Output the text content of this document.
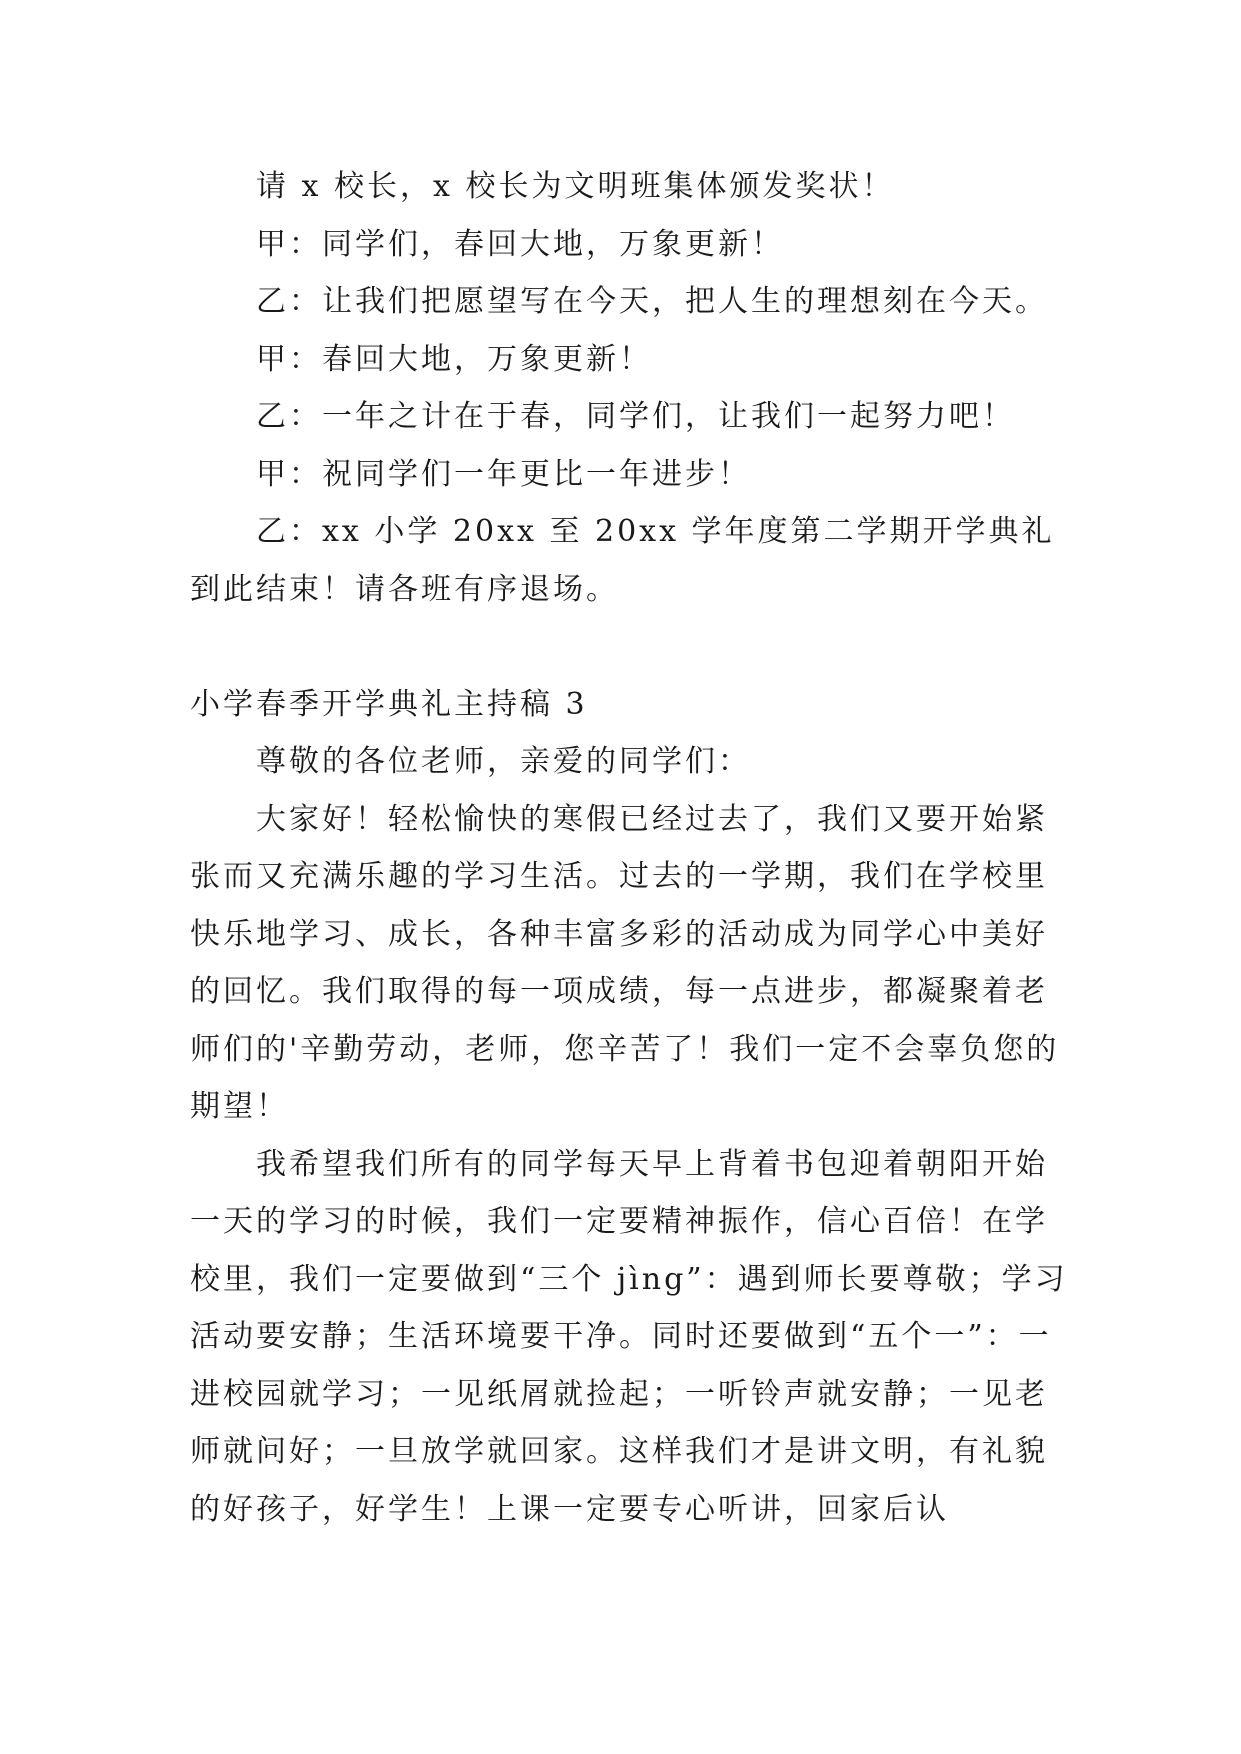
请 x 校长，x 校长为文明班集体颁发奖状！

甲：同学们，春回大地，万象更新！

乙：让我们把愿望写在今天，把人生的理想刻在今天。

甲：春回大地，万象更新！

乙：一年之计在于春，同学们，让我们一起努力吧！

甲：祝同学们一年更比一年进步！

乙：xx 小学 20xx 至 20xx 学年度第二学期开学典礼到此结束！请各班有序退场。

小学春季开学典礼主持稿 3

尊敬的各位老师，亲爱的同学们：

大家好！轻松愉快的寒假已经过去了，我们又要开始紧张而又充满乐趣的学习生活。过去的一学期，我们在学校里快乐地学习、成长，各种丰富多彩的活动成为同学心中美好的回忆。我们取得的每一项成绩，每一点进步，都凝聚着老师们的'辛勤劳动，老师，您辛苦了！我们一定不会辜负您的期望！

我希望我们所有的同学每天早上背着书包迎着朝阳开始一天的学习的时候，我们一定要精神振作，信心百倍！在学校里，我们一定要做到“三个 jìng”：遇到师长要尊敬；学习活动要安静；生活环境要干净。同时还要做到“五个一”：一进校园就学习；一见纸屑就捡起；一听铃声就安静；一见老师就问好；一旦放学就回家。这样我们才是讲文明，有礼貌的好孩子，好学生！上课一定要专心听讲，回家后认
